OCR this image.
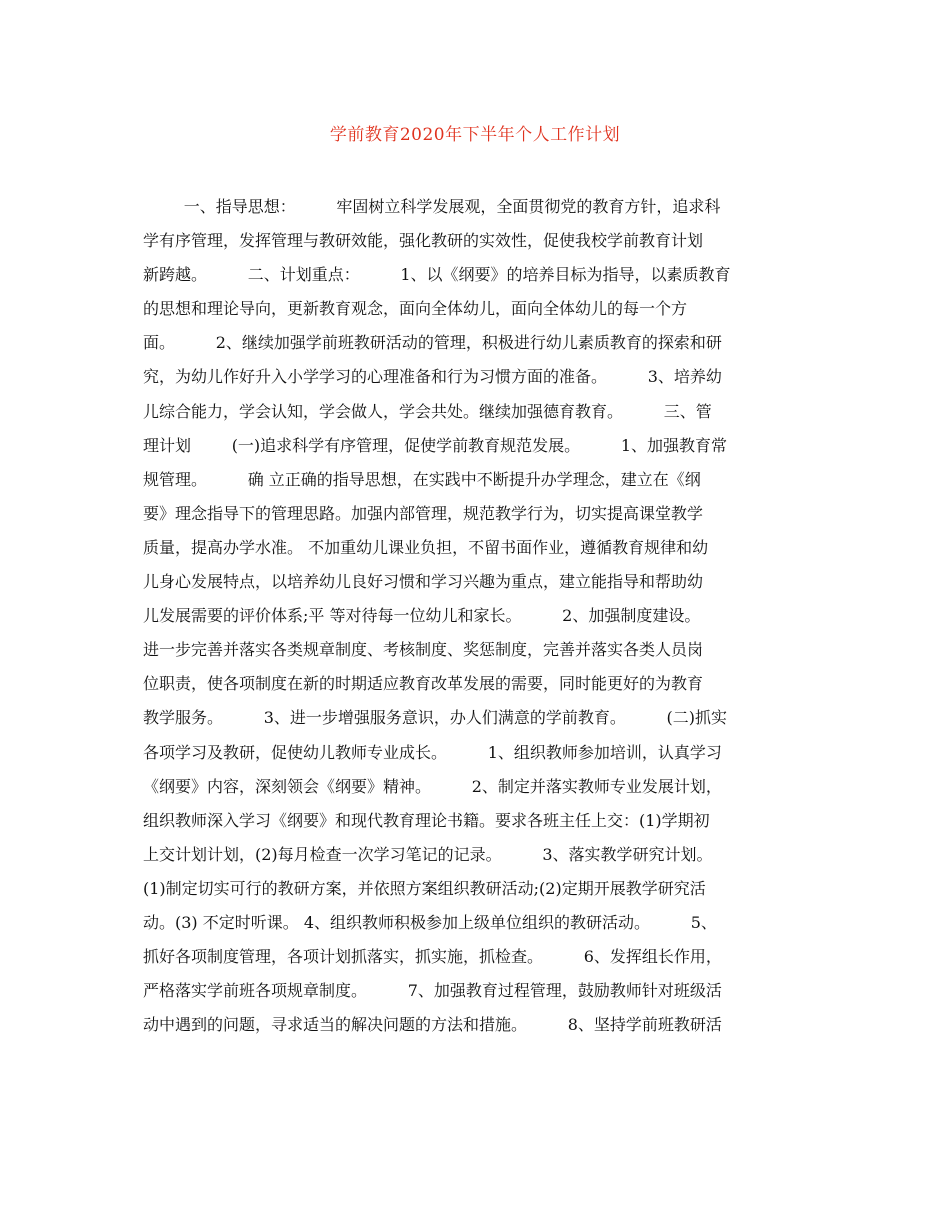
学前教育2020年下半年个人工作计划
一、指导思想：        牢固树立科学发展观，全面贯彻党的教育方针，追求科
学有序管理，发挥管理与教研效能，强化教研的实效性，促使我校学前教育计划
新跨越。        二、计划重点：        1、以《纲要》的培养目标为指导，以素质教育
的思想和理论导向，更新教育观念，面向全体幼儿，面向全体幼儿的每一个方
面。        2、继续加强学前班教研活动的管理，积极进行幼儿素质教育的探索和研
究，为幼儿作好升入小学学习的心理准备和行为习惯方面的准备。        3、培养幼
儿综合能力，学会认知，学会做人，学会共处。继续加强德育教育。        三、管
理计划        (一)追求科学有序管理，促使学前教育规范发展。        1、加强教育常
规管理。        确 立正确的指导思想，在实践中不断提升办学理念，建立在《纲
要》理念指导下的管理思路。加强内部管理，规范教学行为，切实提高课堂教学
质量，提高办学水准。 不加重幼儿课业负担，不留书面作业，遵循教育规律和幼
儿身心发展特点，以培养幼儿良好习惯和学习兴趣为重点，建立能指导和帮助幼
儿发展需要的评价体系;平 等对待每一位幼儿和家长。        2、加强制度建设。
进一步完善并落实各类规章制度、考核制度、奖惩制度，完善并落实各类人员岗
位职责，使各项制度在新的时期适应教育改革发展的需要，同时能更好的为教育
教学服务。        3、进一步增强服务意识，办人们满意的学前教育。        (二)抓实
各项学习及教研，促使幼儿教师专业成长。        1、组织教师参加培训，认真学习
《纲要》内容，深刻领会《纲要》精神。        2、制定并落实教师专业发展计划，
组织教师深入学习《纲要》和现代教育理论书籍。要求各班主任上交：(1)学期初
上交计划计划，(2)每月检查一次学习笔记的记录。        3、落实教学研究计划。
(1)制定切实可行的教研方案，并依照方案组织教研活动;(2)定期开展教学研究活
动。(3) 不定时听课。 4、组织教师积极参加上级单位组织的教研活动。        5、
抓好各项制度管理，各项计划抓落实，抓实施，抓检查。        6、发挥组长作用，
严格落实学前班各项规章制度。        7、加强教育过程管理，鼓励教师针对班级活
动中遇到的问题，寻求适当的解决问题的方法和措施。        8、坚持学前班教研活
